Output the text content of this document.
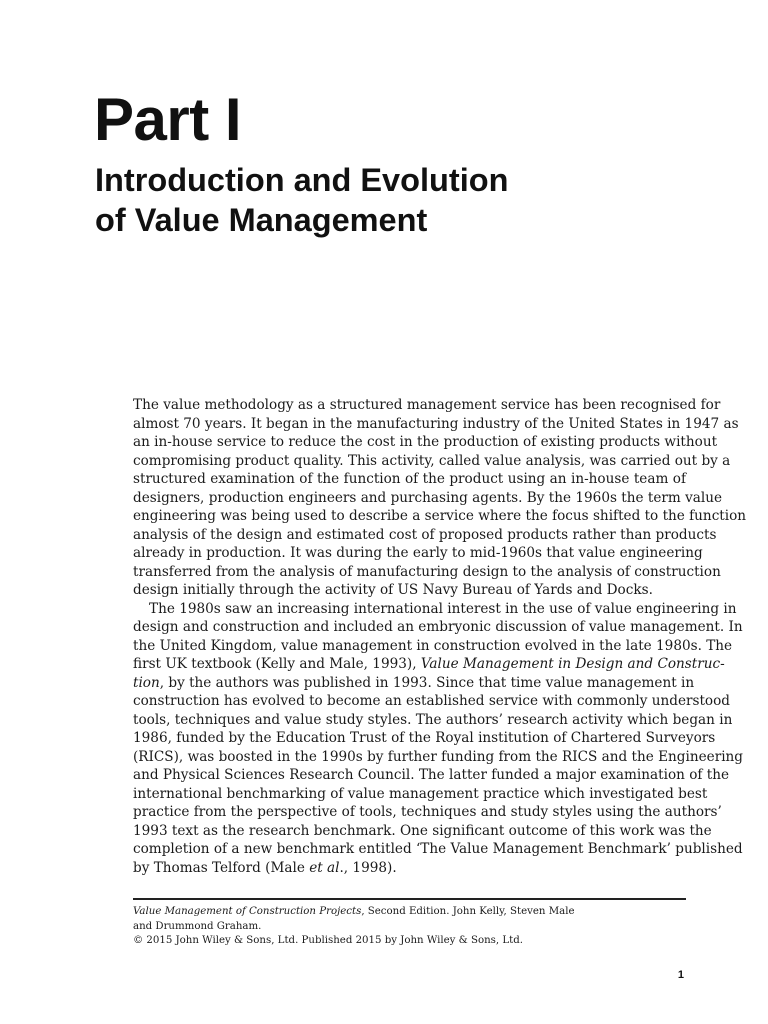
Part I
Introduction and Evolution
of Value Management
The value methodology as a structured management service has been recognised for
almost 70 years. It began in the manufacturing industry of the United States in 1947 as
an in-house service to reduce the cost in the production of existing products without
compromising product quality. This activity, called value analysis, was carried out by a
structured examination of the function of the product using an in-house team of
designers, production engineers and purchasing agents. By the 1960s the term value
engineering was being used to describe a service where the focus shifted to the function
analysis of the design and estimated cost of proposed products rather than products
already in production. It was during the early to mid-1960s that value engineering
transferred from the analysis of manufacturing design to the analysis of construction
design initially through the activity of US Navy Bureau of Yards and Docks.
The 1980s saw an increasing international interest in the use of value engineering in
design and construction and included an embryonic discussion of value management. In
the United Kingdom, value management in construction evolved in the late 1980s. The
first UK textbook (Kelly and Male, 1993), Value Management in Design and Construc -
tion, by the authors was published in 1993. Since that time value management in
construction has evolved to become an established service with commonly understood
tools, techniques and value study styles. The authors’ research activity which began in
1986, funded by the Education Trust of the Royal institution of Chartered Surveyors
(RICS), was boosted in the 1990s by further funding from the RICS and the Engineering
and Physical Sciences Research Council. The latter funded a major examination of the
international benchmarking of value management practice which investigated best
practice from the perspective of tools, techniques and study styles using the authors’
1993 text as the research benchmark. One significant outcome of this work was the
completion of a new benchmark entitled ‘The Value Management Benchmark’ published
by Thomas Telford (Male et al., 1998).
Value Management of Construction Projects, Second Edition. John Kelly, Steven Male
and Drummond Graham.
© 2015 John Wiley & Sons, Ltd. Published 2015 by John Wiley & Sons, Ltd.
1
